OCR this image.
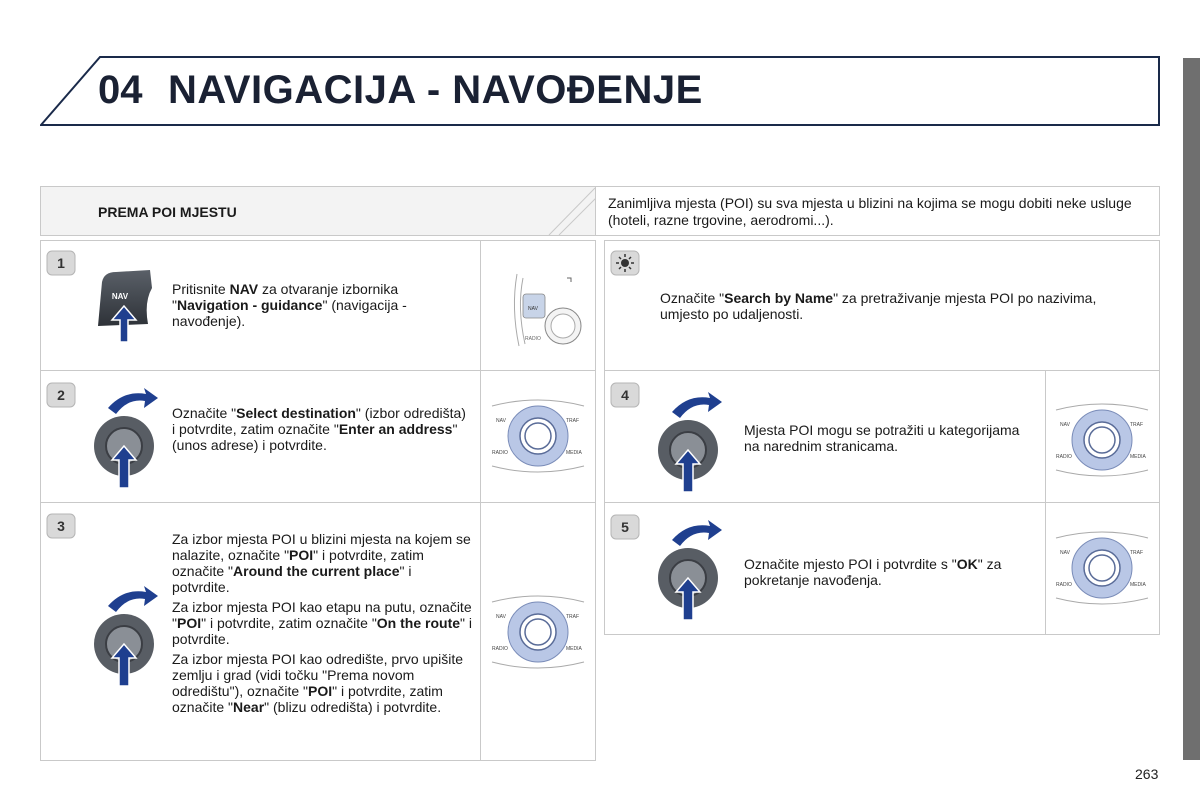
04 NAVIGACIJA - NAVOĐENJE
PREMA POI MJESTU
Zanimljiva mjesta (POI) su sva mjesta u blizini na kojima se mogu dobiti neke usluge (hoteli, razne trgovine, aerodromi...).
1
2
3
4
5
NAV
NAV
RADIO
NAV	TRAF
RADIO	MEDIA
NAV	TRAF
RADIO	MEDIA
NAV	TRAF
RADIO	MEDIA
NAV	TRAF
RADIO	MEDIA
Pritisnite NAV za otvaranje izbornika "Navigation - guidance" (navigacija - navođenje).
Označite "Select destination" (izbor odredišta) i potvrdite, zatim označite "Enter an address" (unos adrese) i potvrdite.

Za izbor mjesta POI u blizini mjesta na kojem se nalazite, označite "POI" i potvrdite, zatim označite "Around the current place" i potvrdite.

Za izbor mjesta POI kao etapu na putu, označite "POI" i potvrdite, zatim označite "On the route" i potvrdite.

Za izbor mjesta POI kao odredište, prvo upišite zemlju i grad (vidi točku "Prema novom odredištu"), označite "POI" i potvrdite, zatim označite "Near" (blizu odredišta) i potvrdite.

Označite "Search by Name" za pretraživanje mjesta POI po nazivima, umjesto po udaljenosti.
Mjesta POI mogu se potražiti u kategorijama na narednim stranicama.
Označite mjesto POI i potvrdite s "OK" za pokretanje navođenja.
263
